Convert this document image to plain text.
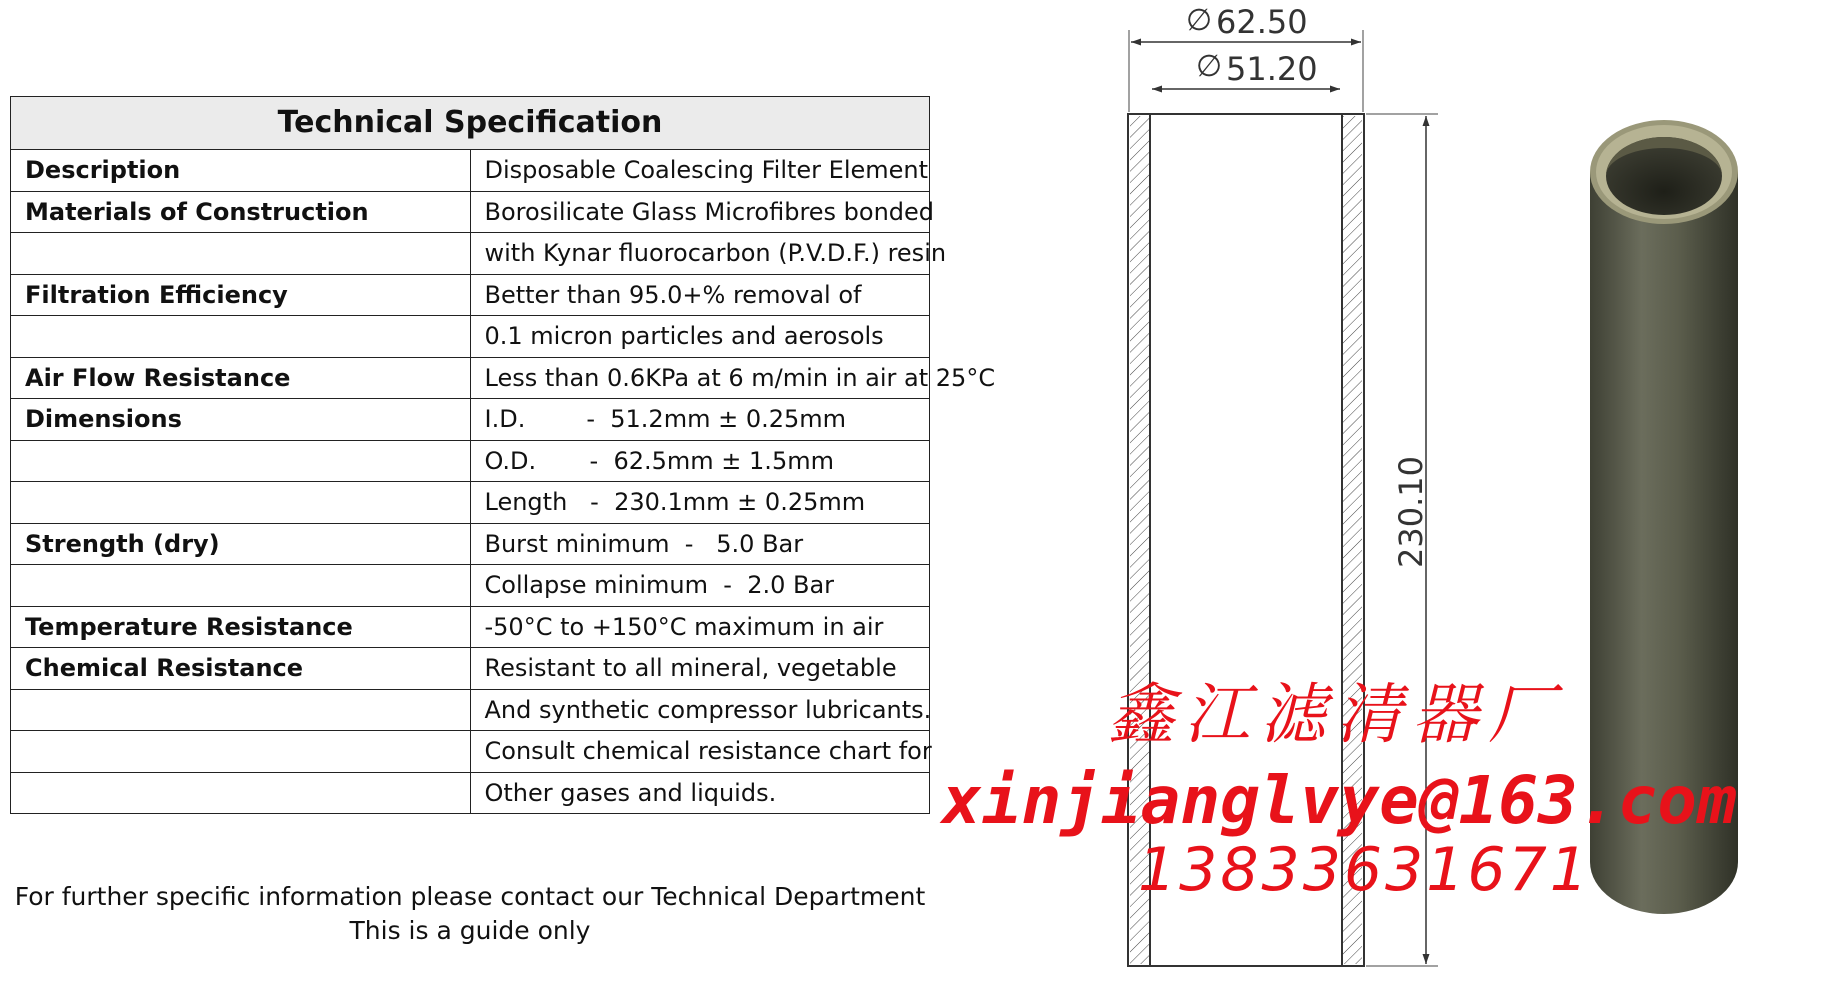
Technical Specification	
Description	Disposable Coalescing Filter Element
Materials of Construction	Borosilicate Glass Microfibres bonded
	with Kynar fluorocarbon (P.V.D.F.) resin
Filtration Efficiency	Better than 95.0+% removal of
	0.1 micron particles and aerosols
Air Flow Resistance	Less than 0.6KPa at 6 m/min in air at 25°C
Dimensions	I.D.        -  51.2mm ± 0.25mm
	O.D.       -  62.5mm ± 1.5mm
	Length   -  230.1mm ± 0.25mm
Strength (dry)	Burst minimum  -   5.0 Bar
	Collapse minimum  -  2.0 Bar
Temperature Resistance	-50°C to +150°C maximum in air
Chemical Resistance	Resistant to all mineral, vegetable
	And synthetic compressor lubricants.
	Consult chemical resistance chart for
	Other gases and liquids.

For further specific information please contact our Technical Department

This is a guide only

∅ 62.50
∅ 51.20
230.10
鑫江滤清器厂
xinjianglvye@163.com
13833631671
